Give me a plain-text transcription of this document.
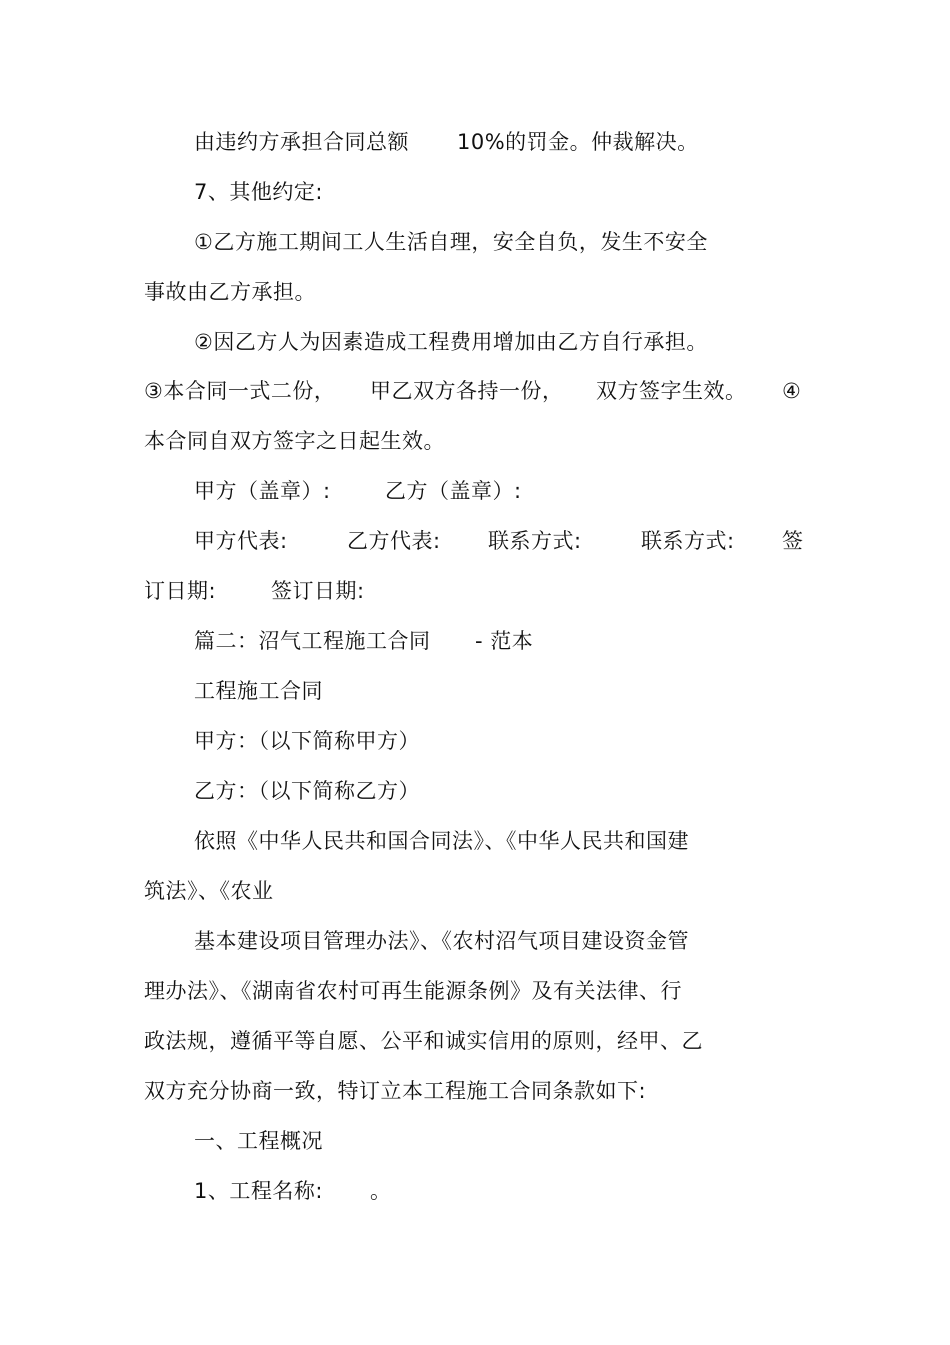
由违约方承担合同总额 10%的罚金。仲裁解决。
7、其他约定:
①乙方施工期间工人生活自理，安全自负，发生不安全
事故由乙方承担。
②因乙方人为因素造成工程费用增加由乙方自行承担。
③本合同一式二份， 甲乙双方各持一份， 双方签字生效。 ④
本合同自双方签字之日起生效。
甲方（盖章）:	乙方（盖章）:
甲方代表:	乙方代表: 联系方式:	联系方式: 签
订日期:	签订日期:
篇二：沼气工程施工合同 - 范本
工程施工合同
甲方：（以下简称甲方）
乙方：（以下简称乙方）
依照《中华人民共和国合同法》、《中华人民共和国建
筑法》、《农业
基本建设项目管理办法》、《农村沼气项目建设资金管
理办法》、《湖南省农村可再生能源条例》及有关法律、行
政法规，遵循平等自愿、公平和诚实信用的原则，经甲、乙
双方充分协商一致，特订立本工程施工合同条款如下:
一、工程概况
1、工程名称: 。
